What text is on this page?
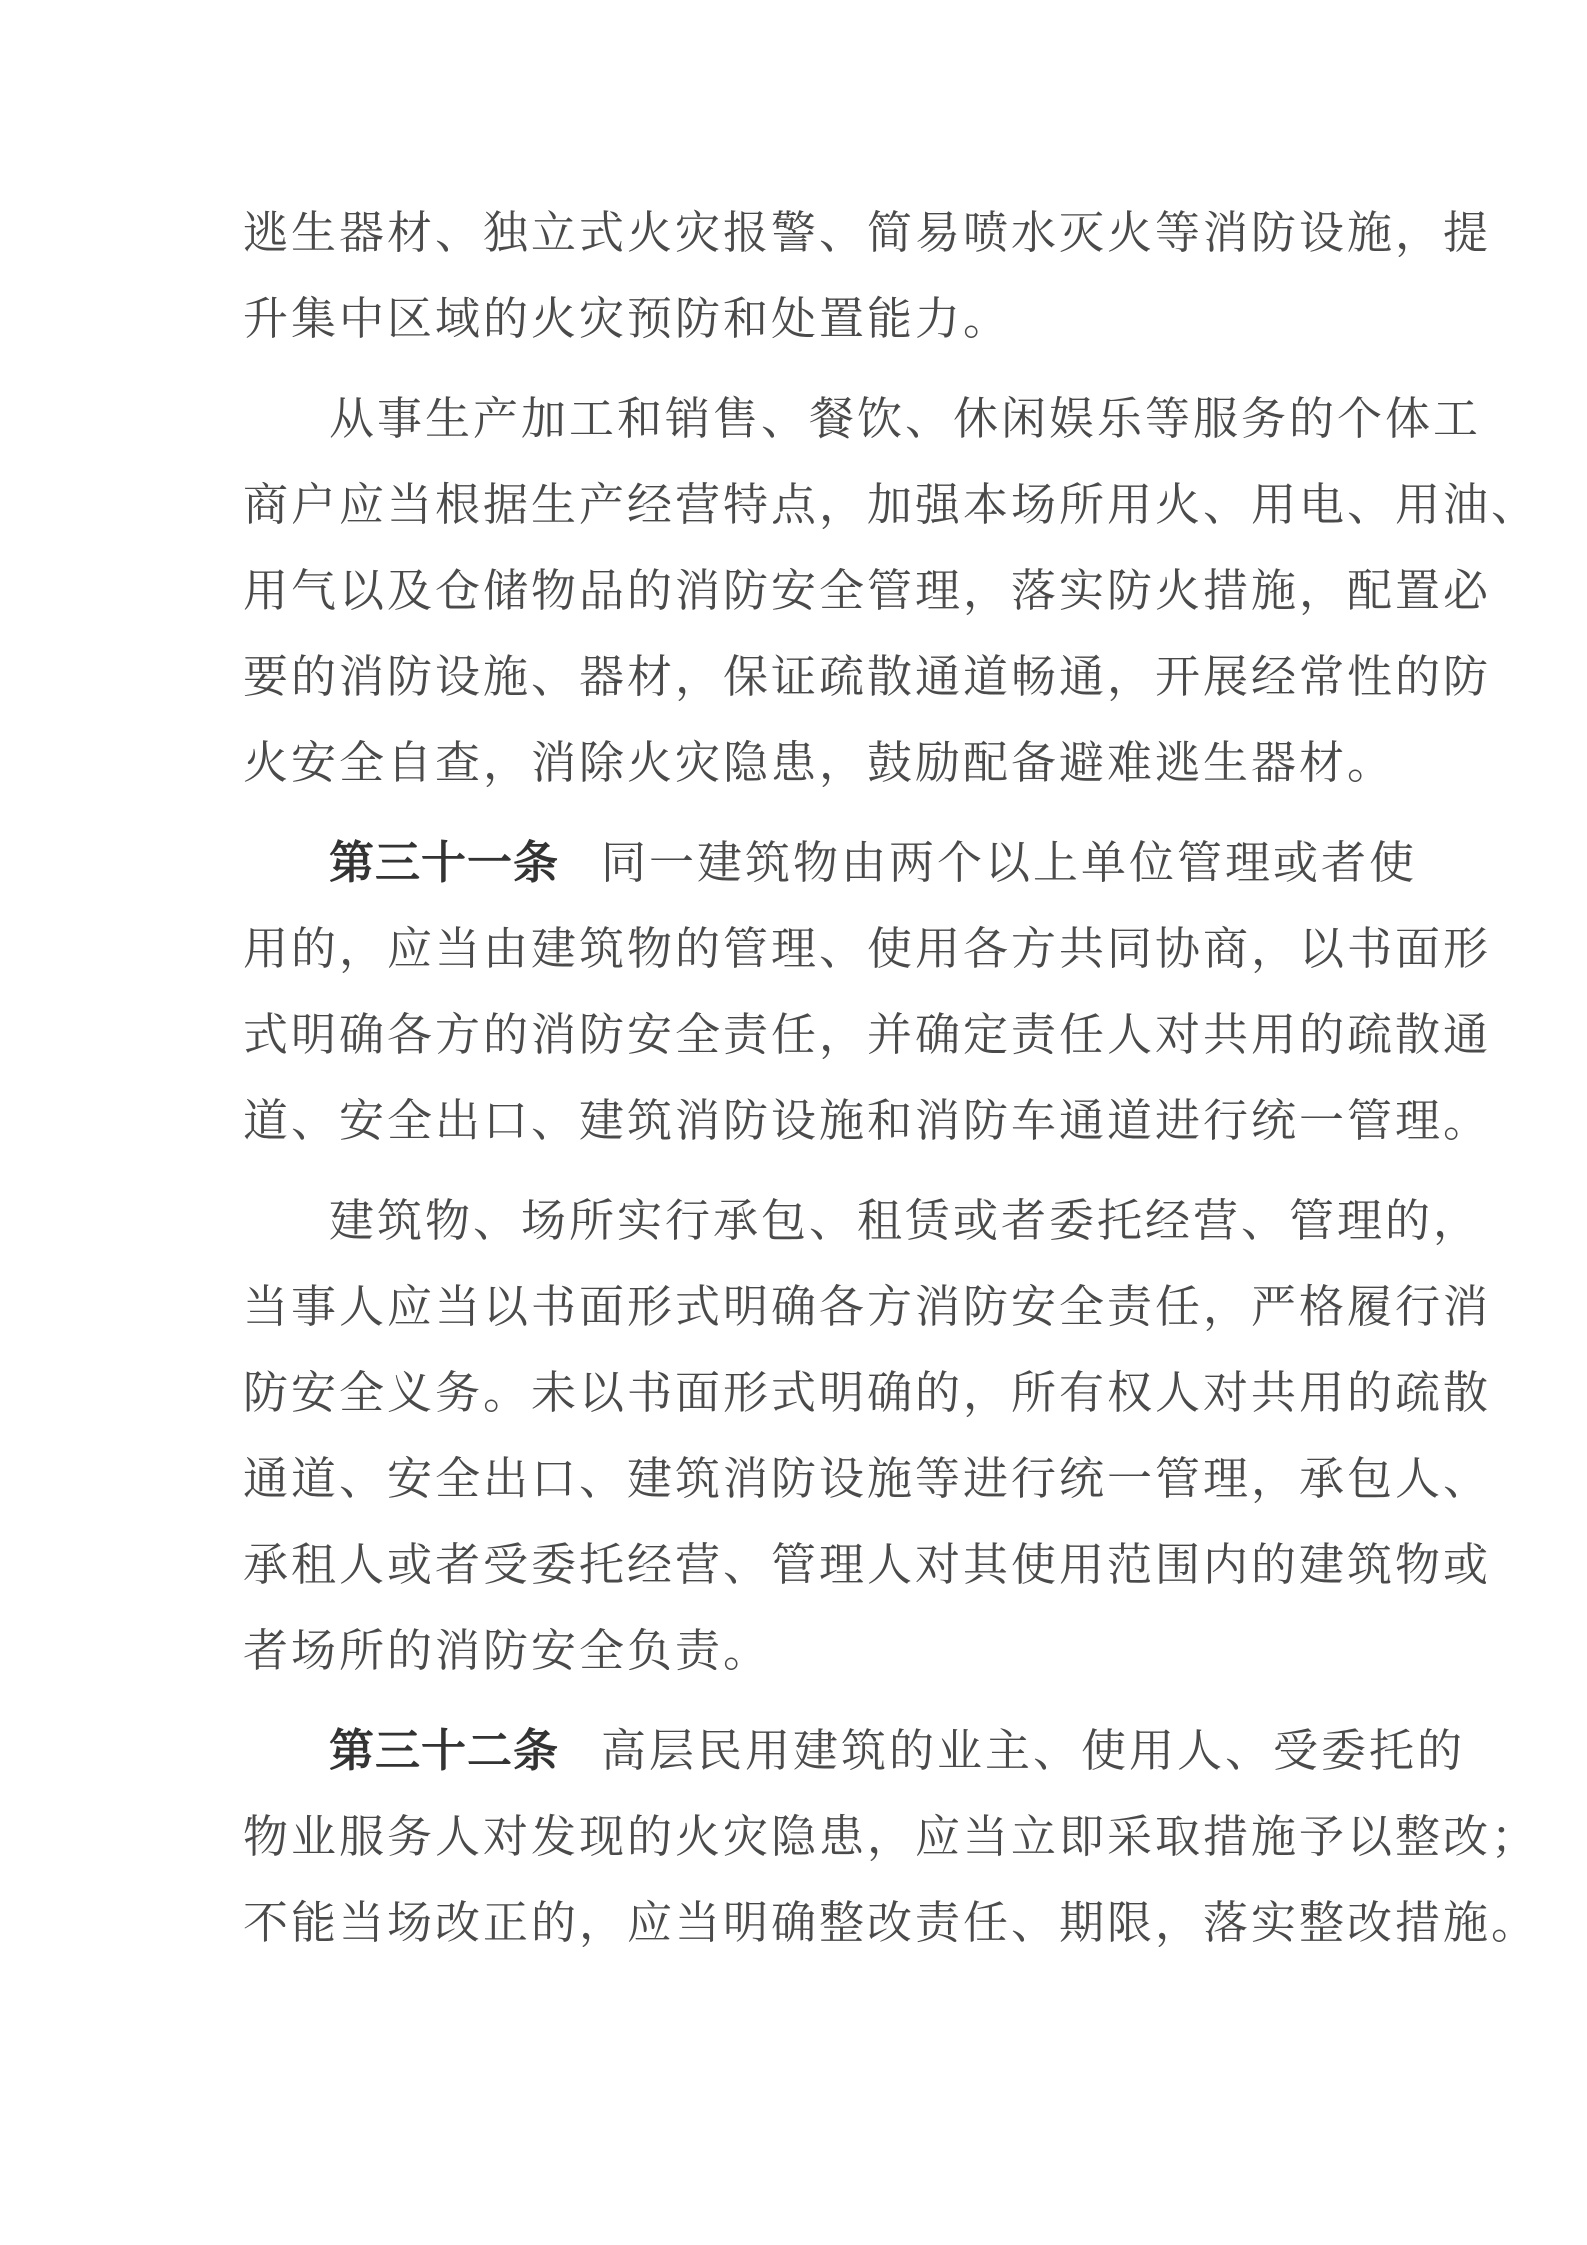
逃生器材、独立式火灾报警、简易喷水灭火等消防设施，提
升集中区域的火灾预防和处置能力。
从事生产加工和销售、餐饮、休闲娱乐等服务的个体工
商户应当根据生产经营特点，加强本场所用火、用电、用油、
用气以及仓储物品的消防安全管理，落实防火措施，配置必
要的消防设施、器材，保证疏散通道畅通，开展经常性的防
火安全自查，消除火灾隐患，鼓励配备避难逃生器材。
第三十一条 同一建筑物由两个以上单位管理或者使
用的，应当由建筑物的管理、使用各方共同协商，以书面形
式明确各方的消防安全责任，并确定责任人对共用的疏散通
道、安全出口、建筑消防设施和消防车通道进行统一管理。
建筑物、场所实行承包、租赁或者委托经营、管理的，
当事人应当以书面形式明确各方消防安全责任，严格履行消
防安全义务。未以书面形式明确的，所有权人对共用的疏散
通道、安全出口、建筑消防设施等进行统一管理，承包人、
承租人或者受委托经营、管理人对其使用范围内的建筑物或
者场所的消防安全负责。
第三十二条 高层民用建筑的业主、使用人、受委托的
物业服务人对发现的火灾隐患，应当立即采取措施予以整改；
不能当场改正的，应当明确整改责任、期限，落实整改措施。
